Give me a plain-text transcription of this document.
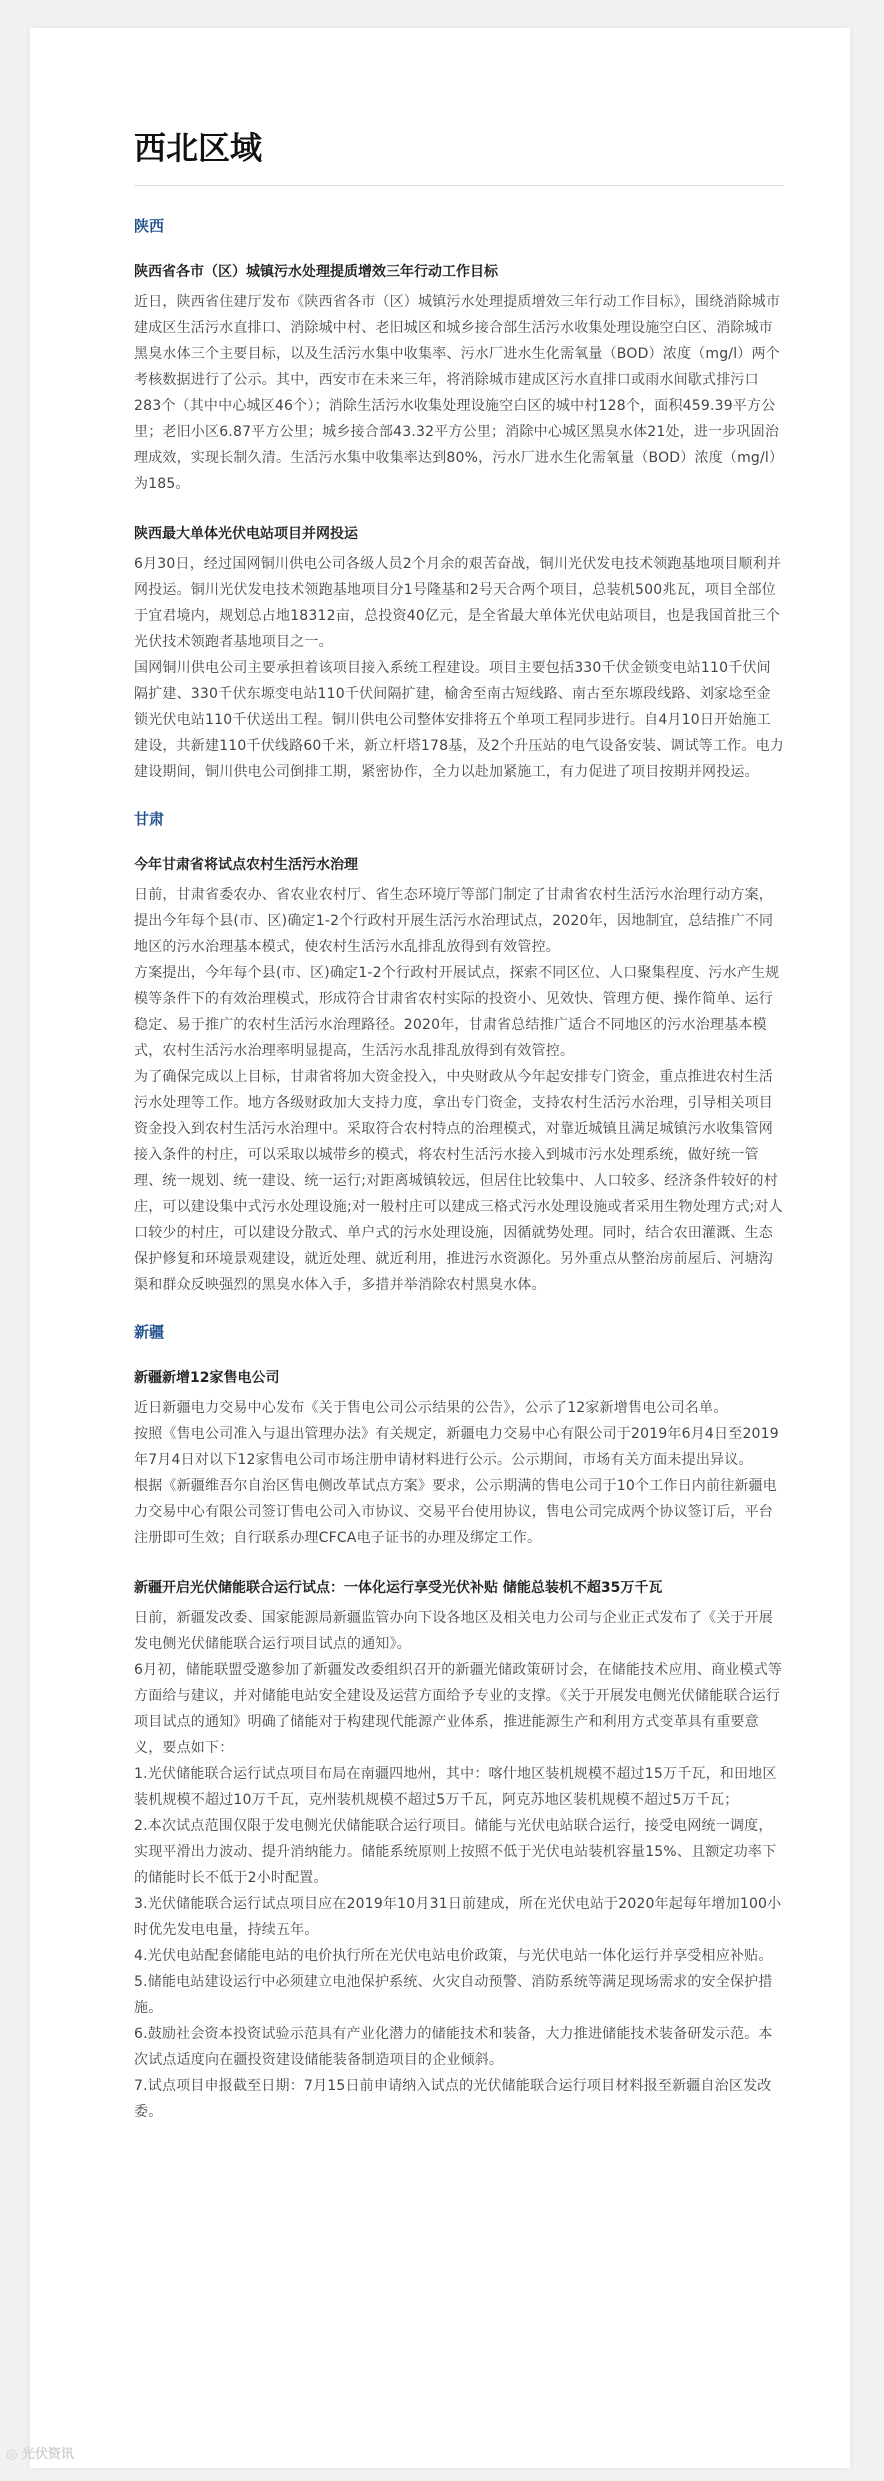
西北区域
陕西
陕西省各市（区）城镇污水处理提质增效三年行动工作目标

近日，陕西省住建厅发布《陕西省各市（区）城镇污水处理提质增效三年行动工作目标》，围绕消除城市建成区生活污水直排口、消除城中村、老旧城区和城乡接合部生活污水收集处理设施空白区、消除城市黑臭水体三个主要目标，以及生活污水集中收集率、污水厂进水生化需氧量（BOD）浓度（mg/l）两个考核数据进行了公示。其中，西安市在未来三年，将消除城市建成区污水直排口或雨水间歇式排污口283个（其中中心城区46个）；消除生活污水收集处理设施空白区的城中村128个，面积459.39平方公里；老旧小区6.87平方公里；城乡接合部43.32平方公里；消除中心城区黑臭水体21处，进一步巩固治理成效，实现长制久清。生活污水集中收集率达到80%，污水厂进水生化需氧量（BOD）浓度（mg/l）为185。

陕西最大单体光伏电站项目并网投运

6月30日，经过国网铜川供电公司各级人员2个月余的艰苦奋战，铜川光伏发电技术领跑基地项目顺利并网投运。铜川光伏发电技术领跑基地项目分1号隆基和2号天合两个项目，总装机500兆瓦，项目全部位于宜君境内，规划总占地18312亩，总投资40亿元，是全省最大单体光伏电站项目，也是我国首批三个光伏技术领跑者基地项目之一。

国网铜川供电公司主要承担着该项目接入系统工程建设。项目主要包括330千伏金锁变电站110千伏间隔扩建、330千伏东塬变电站110千伏间隔扩建，榆舍至南古短线路、南古至东塬段线路、刘家埝至金锁光伏电站110千伏送出工程。铜川供电公司整体安排将五个单项工程同步进行。自4月10日开始施工建设，共新建110千伏线路60千米，新立杆塔178基，及2个升压站的电气设备安装、调试等工作。电力建设期间，铜川供电公司倒排工期，紧密协作，全力以赴加紧施工，有力促进了项目按期并网投运。

甘肃
今年甘肃省将试点农村生活污水治理

日前，甘肃省委农办、省农业农村厅、省生态环境厅等部门制定了甘肃省农村生活污水治理行动方案，提出今年每个县(市、区)确定1-2个行政村开展生活污水治理试点，2020年，因地制宜，总结推广不同地区的污水治理基本模式，使农村生活污水乱排乱放得到有效管控。

方案提出，今年每个县(市、区)确定1-2个行政村开展试点，探索不同区位、人口聚集程度、污水产生规模等条件下的有效治理模式，形成符合甘肃省农村实际的投资小、见效快、管理方便、操作简单、运行稳定、易于推广的农村生活污水治理路径。2020年，甘肃省总结推广适合不同地区的污水治理基本模式，农村生活污水治理率明显提高，生活污水乱排乱放得到有效管控。

为了确保完成以上目标，甘肃省将加大资金投入，中央财政从今年起安排专门资金，重点推进农村生活污水处理等工作。地方各级财政加大支持力度，拿出专门资金，支持农村生活污水治理，引导相关项目资金投入到农村生活污水治理中。采取符合农村特点的治理模式，对靠近城镇且满足城镇污水收集管网接入条件的村庄，可以采取以城带乡的模式，将农村生活污水接入到城市污水处理系统，做好统一管理、统一规划、统一建设、统一运行;对距离城镇较远，但居住比较集中、人口较多、经济条件较好的村庄，可以建设集中式污水处理设施;对一般村庄可以建成三格式污水处理设施或者采用生物处理方式;对人口较少的村庄，可以建设分散式、单户式的污水处理设施，因循就势处理。同时，结合农田灌溉、生态保护修复和环境景观建设，就近处理、就近利用，推进污水资源化。另外重点从整治房前屋后、河塘沟渠和群众反映强烈的黑臭水体入手，多措并举消除农村黑臭水体。

新疆
新疆新增12家售电公司

近日新疆电力交易中心发布《关于售电公司公示结果的公告》，公示了12家新增售电公司名单。

按照《售电公司准入与退出管理办法》有关规定，新疆电力交易中心有限公司于2019年6月4日至2019年7月4日对以下12家售电公司市场注册申请材料进行公示。公示期间，市场有关方面未提出异议。

根据《新疆维吾尔自治区售电侧改革试点方案》要求，公示期满的售电公司于10个工作日内前往新疆电力交易中心有限公司签订售电公司入市协议、交易平台使用协议，售电公司完成两个协议签订后，平台注册即可生效；自行联系办理CFCA电子证书的办理及绑定工作。

新疆开启光伏储能联合运行试点：一体化运行享受光伏补贴 储能总装机不超35万千瓦

日前，新疆发改委、国家能源局新疆监管办向下设各地区及相关电力公司与企业正式发布了《关于开展发电侧光伏储能联合运行项目试点的通知》。

6月初，储能联盟受邀参加了新疆发改委组织召开的新疆光储政策研讨会，在储能技术应用、商业模式等方面给与建议，并对储能电站安全建设及运营方面给予专业的支撑。《关于开展发电侧光伏储能联合运行项目试点的通知》明确了储能对于构建现代能源产业体系，推进能源生产和利用方式变革具有重要意义，要点如下：

1.光伏储能联合运行试点项目布局在南疆四地州，其中：喀什地区装机规模不超过15万千瓦，和田地区装机规模不超过10万千瓦，克州装机规模不超过5万千瓦，阿克苏地区装机规模不超过5万千瓦；

2.本次试点范围仅限于发电侧光伏储能联合运行项目。储能与光伏电站联合运行，接受电网统一调度，实现平滑出力波动、提升消纳能力。储能系统原则上按照不低于光伏电站装机容量15%、且额定功率下的储能时长不低于2小时配置。

3.光伏储能联合运行试点项目应在2019年10月31日前建成，所在光伏电站于2020年起每年增加100小时优先发电电量，持续五年。

4.光伏电站配套储能电站的电价执行所在光伏电站电价政策，与光伏电站一体化运行并享受相应补贴。

5.储能电站建设运行中必须建立电池保护系统、火灾自动预警、消防系统等满足现场需求的安全保护措施。

6.鼓励社会资本投资试验示范具有产业化潜力的储能技术和装备，大力推进储能技术装备研发示范。本次试点适度向在疆投资建设储能装备制造项目的企业倾斜。

7.试点项目申报截至日期：7月15日前申请纳入试点的光伏储能联合运行项目材料报至新疆自治区发改委。

◎ 光伏资讯
